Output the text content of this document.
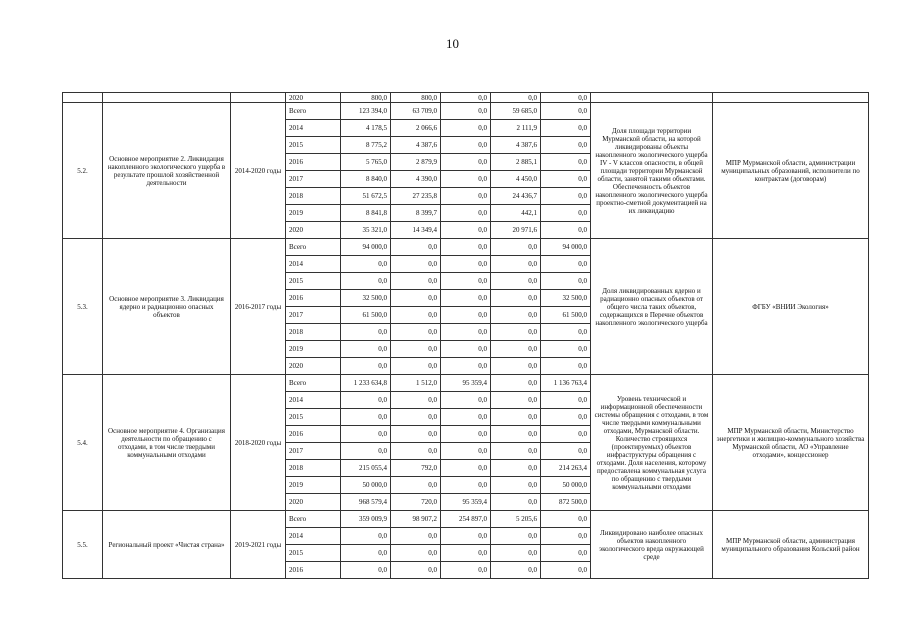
10
			2020	800,0	800,0	0,0	0,0	0,0		
5.2.	Основное мероприятие 2. Ликвидация накопленного экологического ущерба в результате прошлой хозяйственной деятельности	2014-2020 годы	Всего	123 394,0	63 709,0	0,0	59 685,0	0,0	Доля площади территории Мурманской области, на которой ликвидированы объекты накопленного экологического ущерба IV - V классов опасности, в общей площади территории Мурманской области, занятой такими объектами. Обеспеченность объектов накопленного экологического ущерба проектно-сметной документацией на их ликвидацию	МПР Мурманской области, администрации муниципальных образований, исполнители по контрактам (договорам)
			2014	4 178,5	2 066,6	0,0	2 111,9	0,0		
			2015	8 775,2	4 387,6	0,0	4 387,6	0,0		
			2016	5 765,0	2 879,9	0,0	2 885,1	0,0		
			2017	8 840,0	4 390,0	0,0	4 450,0	0,0		
			2018	51 672,5	27 235,8	0,0	24 436,7	0,0		
			2019	8 841,8	8 399,7	0,0	442,1	0,0		
			2020	35 321,0	14 349,4	0,0	20 971,6	0,0		
5.3.	Основное мероприятие 3. Ликвидация ядерно и радиационно опасных объектов	2016-2017 годы	Всего	94 000,0	0,0	0,0	0,0	94 000,0	Доля ликвидированных ядерно и радиационно опасных объектов от общего числа таких объектов, содержащихся в Перечне объектов накопленного экологического ущерба	ФГБУ «ВНИИ Экология»
			2014	0,0	0,0	0,0	0,0	0,0		
			2015	0,0	0,0	0,0	0,0	0,0		
			2016	32 500,0	0,0	0,0	0,0	32 500,0		
			2017	61 500,0	0,0	0,0	0,0	61 500,0		
			2018	0,0	0,0	0,0	0,0	0,0		
			2019	0,0	0,0	0,0	0,0	0,0		
			2020	0,0	0,0	0,0	0,0	0,0		
5.4.	Основное мероприятие 4. Организация деятельности по обращению с отходами, в том числе твердыми коммунальными отходами	2018-2020 годы	Всего	1 233 634,8	1 512,0	95 359,4	0,0	1 136 763,4	Уровень технической и информационной обеспеченности системы обращения с отходами, в том числе твердыми коммунальными отходами, Мурманской области. Количество строящихся (проектируемых) объектов инфраструктуры обращения с отходами. Доля населения, которому предоставлена коммунальная услуга по обращению с твердыми коммунальными отходами	МПР Мурманской области, Министерство энергетики и жилищно-коммунального хозяйства Мурманской области, АО «Управление отходами», концессионер
			2014	0,0	0,0	0,0	0,0	0,0		
			2015	0,0	0,0	0,0	0,0	0,0		
			2016	0,0	0,0	0,0	0,0	0,0		
			2017	0,0	0,0	0,0	0,0	0,0		
			2018	215 055,4	792,0	0,0	0,0	214 263,4		
			2019	50 000,0	0,0	0,0	0,0	50 000,0		
			2020	968 579,4	720,0	95 359,4	0,0	872 500,0		
5.5.	Региональный проект «Чистая страна»	2019-2021 годы	Всего	359 009,9	98 907,2	254 897,0	5 205,6	0,0	Ликвидировано наиболее опасных объектов накопленного экологического вреда окружающей среде	МПР Мурманской области, администрация муниципального образования Кольский район
			2014	0,0	0,0	0,0	0,0	0,0		
			2015	0,0	0,0	0,0	0,0	0,0		
			2016	0,0	0,0	0,0	0,0	0,0		
